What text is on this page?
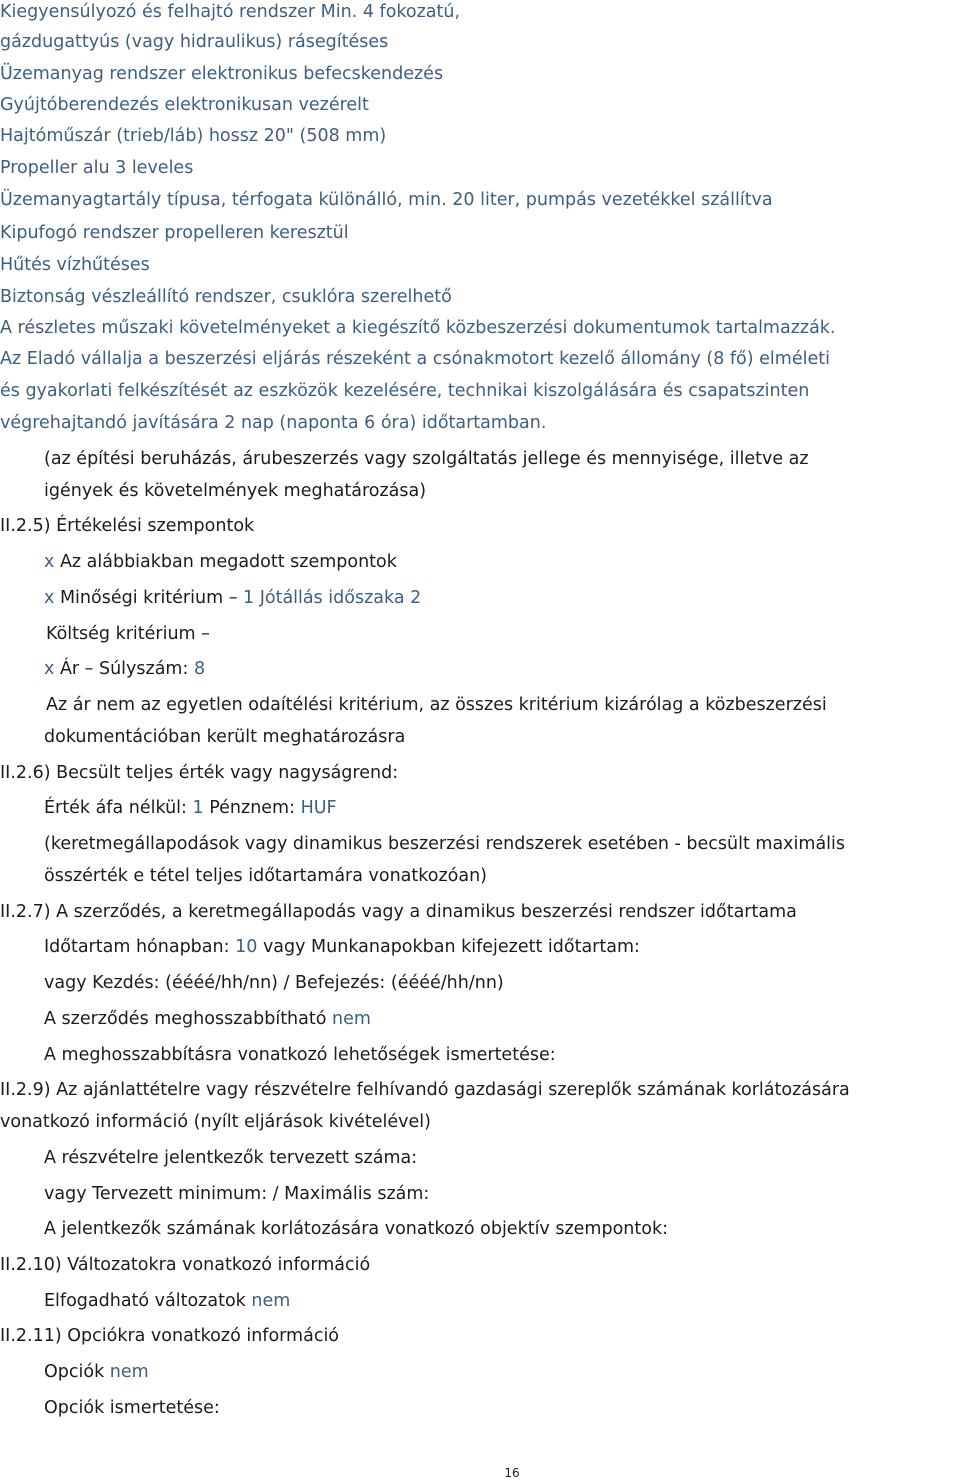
Kiegyensúlyozó és felhajtó rendszer Min. 4 fokozatú,
gázdugattyús (vagy hidraulikus) rásegítéses
Üzemanyag rendszer elektronikus befecskendezés
Gyújtóberendezés elektronikusan vezérelt
Hajtóműszár (trieb/láb) hossz 20" (508 mm)
Propeller alu 3 leveles
Üzemanyagtartály típusa, térfogata különálló, min. 20 liter, pumpás vezetékkel szállítva
Kipufogó rendszer propelleren keresztül
Hűtés vízhűtéses
Biztonság vészleállító rendszer, csuklóra szerelhető
A részletes műszaki követelményeket a kiegészítő közbeszerzési dokumentumok tartalmazzák.
Az Eladó vállalja a beszerzési eljárás részeként a csónakmotort kezelő állomány (8 fő) elméleti
és gyakorlati felkészítését az eszközök kezelésére, technikai kiszolgálására és csapatszinten
végrehajtandó javítására 2 nap (naponta 6 óra) időtartamban.
(az építési beruházás, árubeszerzés vagy szolgáltatás jellege és mennyisége, illetve az
igények és követelmények meghatározása)
II.2.5) Értékelési szempontok
x Az alábbiakban megadott szempontok
x Minőségi kritérium – 1 Jótállás időszaka 2
Költség kritérium –
x Ár – Súlyszám: 8
Az ár nem az egyetlen odaítélési kritérium, az összes kritérium kizárólag a közbeszerzési
dokumentációban került meghatározásra
II.2.6) Becsült teljes érték vagy nagyságrend:
Érték áfa nélkül: 1 Pénznem: HUF
(keretmegállapodások vagy dinamikus beszerzési rendszerek esetében - becsült maximális
összérték e tétel teljes időtartamára vonatkozóan)
II.2.7) A szerződés, a keretmegállapodás vagy a dinamikus beszerzési rendszer időtartama
Időtartam hónapban: 10 vagy Munkanapokban kifejezett időtartam:
vagy Kezdés: (éééé/hh/nn) / Befejezés: (éééé/hh/nn)
A szerződés meghosszabbítható nem
A meghosszabbításra vonatkozó lehetőségek ismertetése:
II.2.9) Az ajánlattételre vagy részvételre felhívandó gazdasági szereplők számának korlátozására
vonatkozó információ (nyílt eljárások kivételével)
A részvételre jelentkezők tervezett száma:
vagy Tervezett minimum: / Maximális szám:
A jelentkezők számának korlátozására vonatkozó objektív szempontok:
II.2.10) Változatokra vonatkozó információ
Elfogadható változatok nem
II.2.11) Opciókra vonatkozó információ
Opciók nem
Opciók ismertetése:
16
